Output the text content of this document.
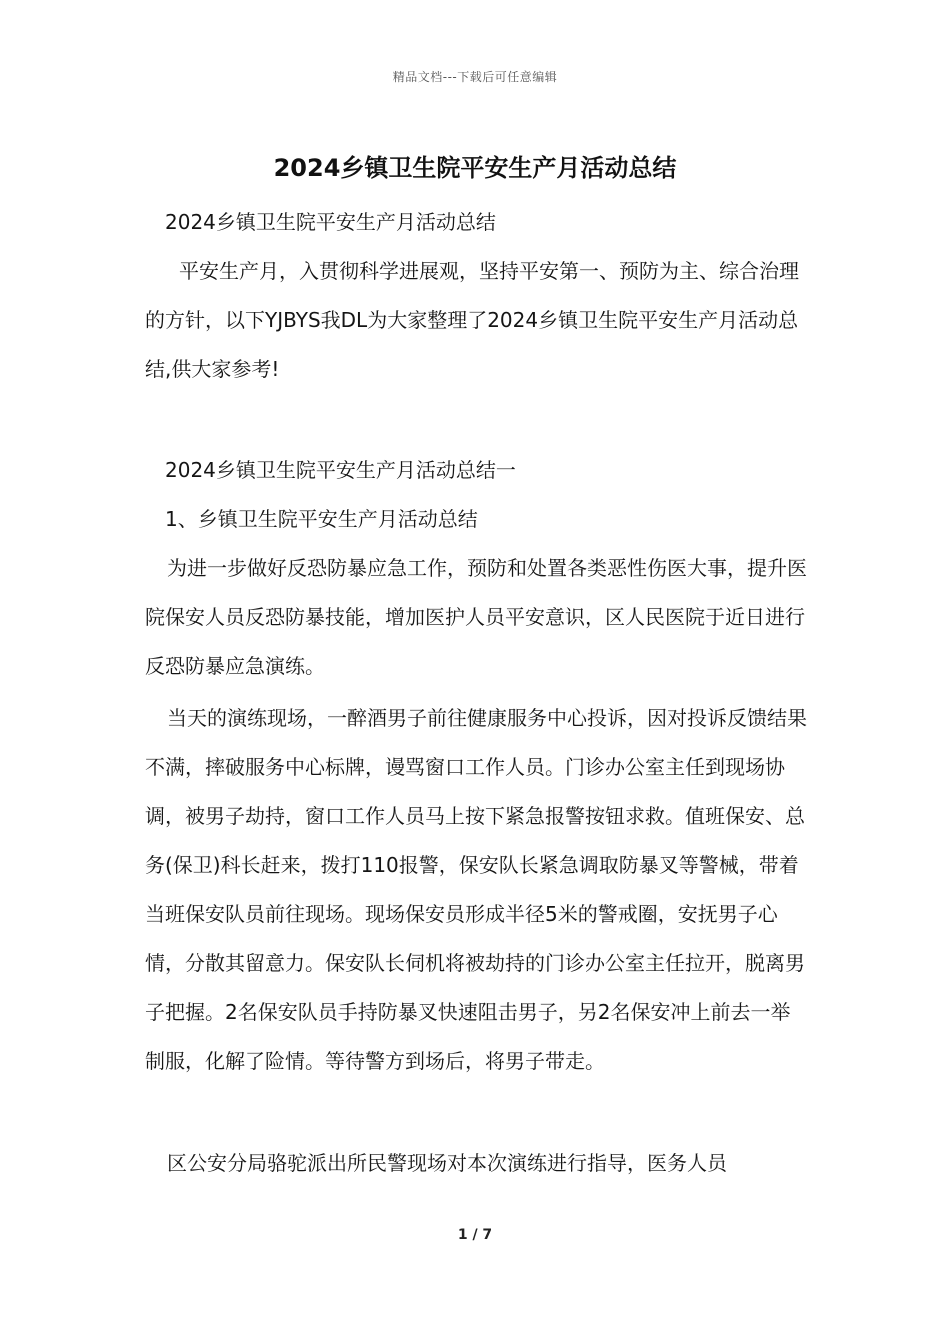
精品文档---下载后可任意编辑
2024乡镇卫生院平安生产月活动总结

2024乡镇卫生院平安生产月活动总结

平安生产月，入贯彻科学进展观，坚持平安第一、预防为主、综合治理的方针，以下YJBYS我DL为大家整理了2024乡镇卫生院平安生产月活动总结,供大家参考!

2024乡镇卫生院平安生产月活动总结一

1、乡镇卫生院平安生产月活动总结

为进一步做好反恐防暴应急工作，预防和处置各类恶性伤医大事，提升医院保安人员反恐防暴技能，增加医护人员平安意识，区人民医院于近日进行反恐防暴应急演练。

当天的演练现场，一醉酒男子前往健康服务中心投诉，因对投诉反馈结果不满，摔破服务中心标牌，谩骂窗口工作人员。门诊办公室主任到现场协调，被男子劫持，窗口工作人员马上按下紧急报警按钮求救。值班保安、总务(保卫)科长赶来，拨打110报警，保安队长紧急调取防暴叉等警械，带着当班保安队员前往现场。现场保安员形成半径5米的警戒圈，安抚男子心情，分散其留意力。保安队长伺机将被劫持的门诊办公室主任拉开，脱离男子把握。2名保安队员手持防暴叉快速阻击男子，另2名保安冲上前去一举制服，化解了险情。等待警方到场后，将男子带走。

区公安分局骆驼派出所民警现场对本次演练进行指导，医务人员

1 / 7
